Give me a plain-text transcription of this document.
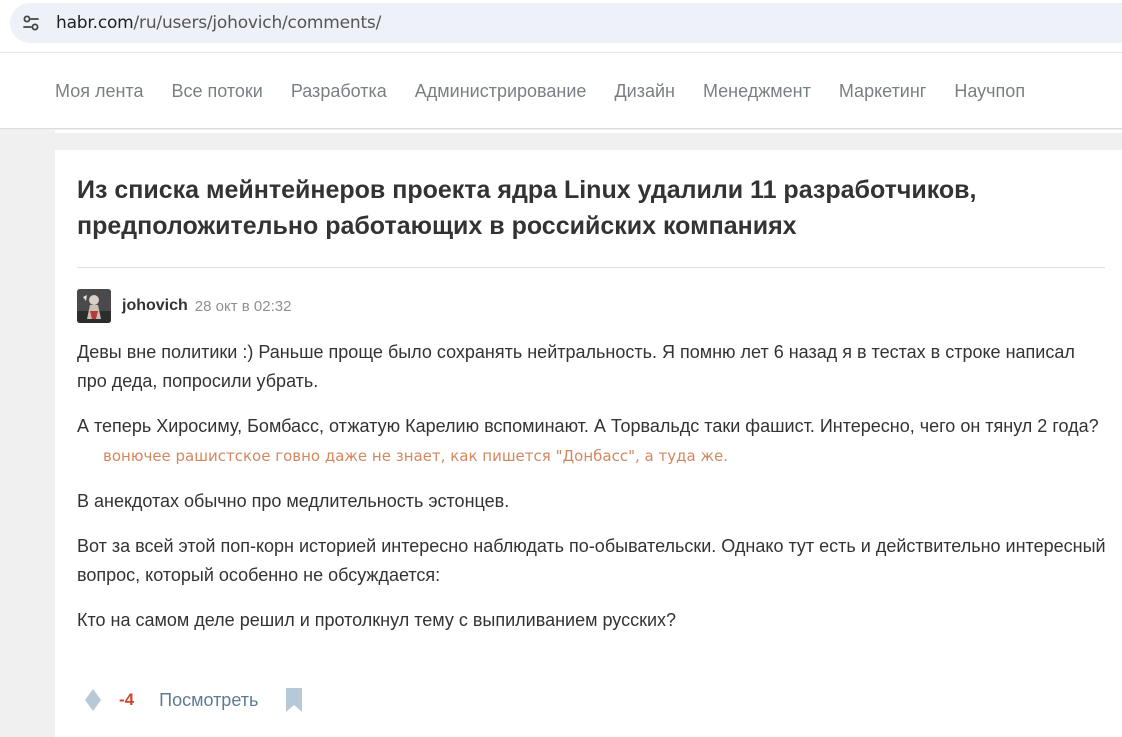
habr.com/ru/users/johovich/comments/
Моя лента Все потоки Разработка Администрирование Дизайн Менеджмент Маркетинг Научпоп
Из списка мейнтейнеров проекта ядра Linux удалили 11 разработчиков,
предположительно работающих в российских компаниях
johovich 28 окт в 02:32

Девы вне политики :) Раньше проще было сохранять нейтральность. Я помню лет 6 назад я в тестах в строке написал про деда, попросили убрать.

А теперь Хиросиму, Бомбасс, отжатую Карелию вспоминают. А Торвальдс таки фашист. Интересно, чего он тянул 2 года?вонючее рашистское говно даже не знает, как пишется "Донбасс", а туда же.

В анекдотах обычно про медлительность эстонцев.

Вот за всей этой поп-корн историей интересно наблюдать по-обывательски. Однако тут есть и действительно интересный вопрос, который особенно не обсуждается:

Кто на самом деле решил и протолкнул тему с выпиливанием русских?

-4 Посмотреть
